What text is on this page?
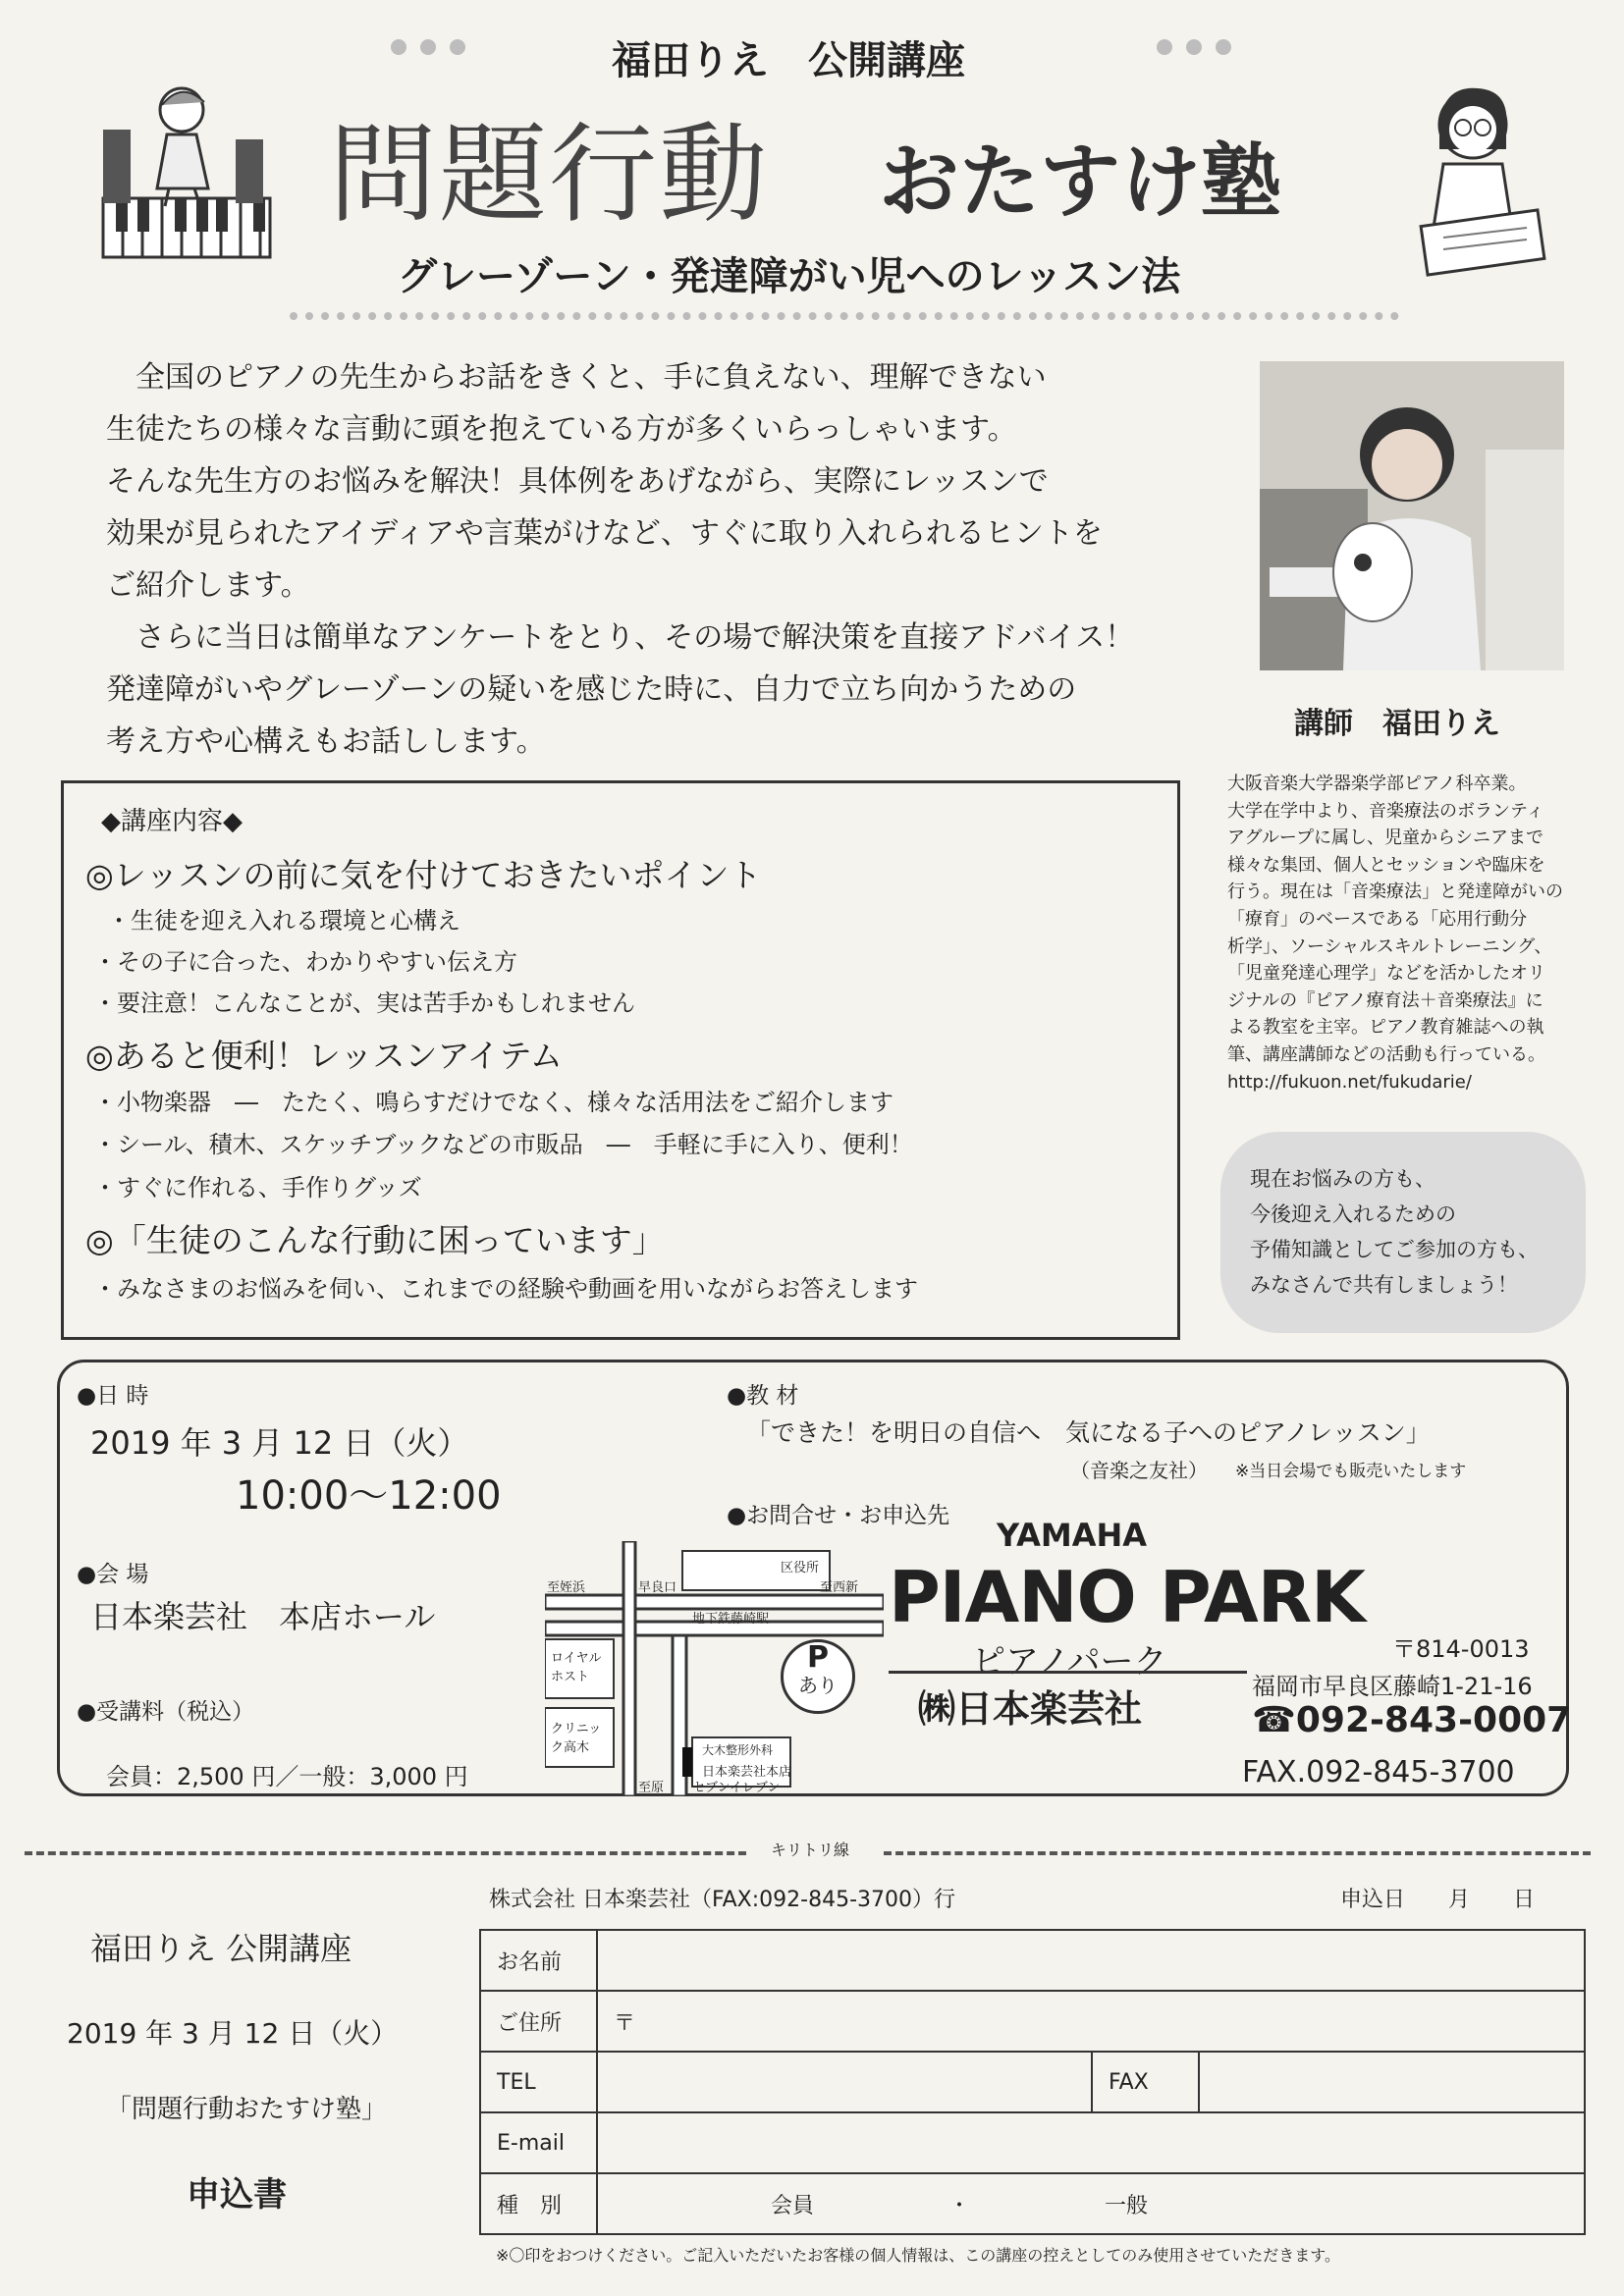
福田りえ　公開講座
問題行動 おたすけ塾
グレーゾーン・発達障がい児へのレッスン法
　全国のピアノの先生からお話をきくと、手に負えない、理解できない
生徒たちの様々な言動に頭を抱えている方が多くいらっしゃいます。
そんな先生方のお悩みを解決！具体例をあげながら、実際にレッスンで
効果が見られたアイディアや言葉がけなど、すぐに取り入れられるヒントを
ご紹介します。
　さらに当日は簡単なアンケートをとり、その場で解決策を直接アドバイス！
発達障がいやグレーゾーンの疑いを感じた時に、自力で立ち向かうための
考え方や心構えもお話しします。
講師　福田りえ
大阪音楽大学器楽学部ピアノ科卒業。
大学在学中より、音楽療法のボランティ
アグループに属し、児童からシニアまで
様々な集団、個人とセッションや臨床を
行う。現在は「音楽療法」と発達障がいの
「療育」のベースである「応用行動分
析学」、ソーシャルスキルトレーニング、
「児童発達心理学」などを活かしたオリ
ジナルの『ピアノ療育法＋音楽療法』に
よる教室を主宰。ピアノ教育雑誌への執
筆、講座講師などの活動も行っている。
http://fukuon.net/fukudarie/
◆講座内容◆
◎レッスンの前に気を付けておきたいポイント
・生徒を迎え入れる環境と心構え
・その子に合った、わかりやすい伝え方
・要注意！こんなことが、実は苦手かもしれません
◎あると便利！レッスンアイテム
・小物楽器　―　たたく、鳴らすだけでなく、様々な活用法をご紹介します
・シール、積木、スケッチブックなどの市販品　―　手軽に手に入り、便利！
・すぐに作れる、手作りグッズ
◎「生徒のこんな行動に困っています」
・みなさまのお悩みを伺い、これまでの経験や動画を用いながらお答えします
現在お悩みの方も、
今後迎え入れるための
予備知識としてご参加の方も、
みなさんで共有しましょう！
●日 時
2019 年 3 月 12 日（火）
10:00〜12:00
●会 場
日本楽芸社　本店ホール
●受講料（税込）
会員：2,500 円／一般：3,000 円
●教 材
「できた！を明日の自信へ　気になる子へのピアノレッスン」
（音楽之友社） ※当日会場でも販売いたします
●お問合せ・お申込先
至姪浜	早良口
地下鉄藤崎駅
至西新
区役所
ロイヤルホスト
クリニック高木	大木整形外科
日本楽芸社本店
至原 セブンイレブン
P
あり
YAMAHA
PIANO PARK
ピアノパーク
㈱日本楽芸社
〒814-0013
福岡市早良区藤崎1-21-16
☎092-843-0007
FAX.092-845-3700
キリトリ線
株式会社 日本楽芸社（FAX:092-845-3700）行	申込日　　月　　日
福田りえ 公開講座
2019 年 3 月 12 日（火）
「問題行動おたすけ塾」
申込書
お名前			
ご住所	〒		
TEL		FAX	
E-mail			
種　別	会員 ・ 一般		
※〇印をおつけください。ご記入いただいたお客様の個人情報は、この講座の控えとしてのみ使用させていただきます。
